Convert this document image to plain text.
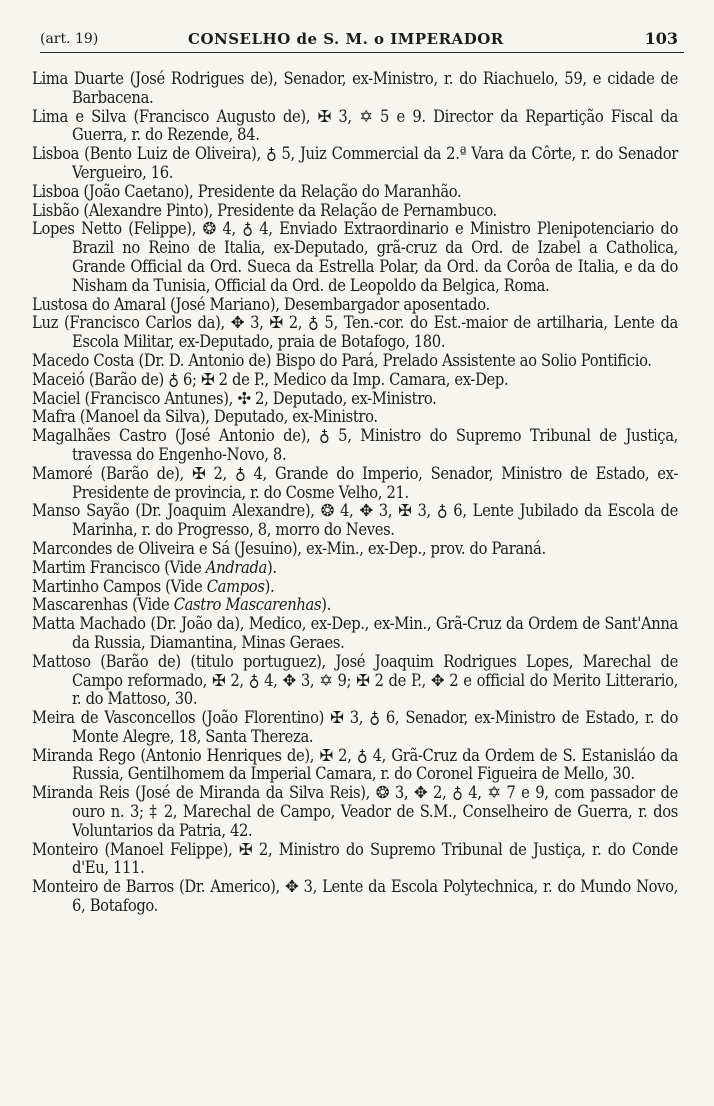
(art. 19)	CONSELHO de S. M. o IMPERADOR	103

Lima Duarte (José Rodrigues de), Senador, ex-Ministro, r. do Riachuelo, 59, e cidade de Barbacena.

Lima e Silva (Francisco Augusto de), ✠ 3, ✡ 5 e 9. Director da Repartição Fiscal da Guerra, r. do Rezende, 84.

Lisboa (Bento Luiz de Oliveira), ♁ 5, Juiz Commercial da 2.ª Vara da Côrte, r. do Senador Vergueiro, 16.

Lisboa (João Caetano), Presidente da Relação do Maranhão.

Lisbão (Alexandre Pinto), Presidente da Relação de Pernambuco.

Lopes Netto (Felippe), ❂ 4, ♁ 4, Enviado Extraordinario e Ministro Plenipotenciario do Brazil no Reino de Italia, ex-Deputado, grã-cruz da Ord. de Izabel a Catholica, Grande Official da Ord. Sueca da Estrella Polar, da Ord. da Corôa de Italia, e da do Nisham da Tunisia, Official da Ord. de Leopoldo da Belgica, Roma.

Lustosa do Amaral (José Mariano), Desembargador aposentado.

Luz (Francisco Carlos da), ✥ 3, ✠ 2, ♁ 5, Ten.-cor. do Est.-maior de artilharia, Lente da Escola Militar, ex-Deputado, praia de Botafogo, 180.

Macedo Costa (Dr. D. Antonio de) Bispo do Pará, Prelado Assistente ao Solio Pontificio.

Maceió (Barão de) ♁ 6; ✠ 2 de P., Medico da Imp. Camara, ex-Dep.

Maciel (Francisco Antunes), ✣ 2, Deputado, ex-Ministro.

Mafra (Manoel da Silva), Deputado, ex-Ministro.

Magalhães Castro (José Antonio de), ♁ 5, Ministro do Supremo Tribunal de Justiça, travessa do Engenho-Novo, 8.

Mamoré (Barão de), ✠ 2, ♁ 4, Grande do Imperio, Senador, Ministro de Estado, ex-Presidente de provincia, r. do Cosme Velho, 21.

Manso Sayão (Dr. Joaquim Alexandre), ❂ 4, ✥ 3, ✠ 3, ♁ 6, Lente Jubilado da Escola de Marinha, r. do Progresso, 8, morro do Neves.

Marcondes de Oliveira e Sá (Jesuino), ex-Min., ex-Dep., prov. do Paraná.

Martim Francisco (Vide Andrada).

Martinho Campos (Vide Campos).

Mascarenhas (Vide Castro Mascarenhas).

Matta Machado (Dr. João da), Medico, ex-Dep., ex-Min., Grã-Cruz da Ordem de Sant'Anna da Russia, Diamantina, Minas Geraes.

Mattoso (Barão de) (titulo portuguez), José Joaquim Rodrigues Lopes, Marechal de Campo reformado, ✠ 2, ♁ 4, ✥ 3, ✡ 9; ✠ 2 de P., ✥ 2 e official do Merito Litterario, r. do Mattoso, 30.

Meira de Vasconcellos (João Florentino) ✠ 3, ♁ 6, Senador, ex-Ministro de Estado, r. do Monte Alegre, 18, Santa Thereza.

Miranda Rego (Antonio Henriques de), ✠ 2, ♁ 4, Grã-Cruz da Ordem de S. Estanisláo da Russia, Gentilhomem da Imperial Camara, r. do Coronel Figueira de Mello, 30.

Miranda Reis (José de Miranda da Silva Reis), ❂ 3, ✥ 2, ♁ 4, ✡ 7 e 9, com passador de ouro n. 3; ‡ 2, Marechal de Campo, Veador de S.M., Conselheiro de Guerra, r. dos Voluntarios da Patria, 42.

Monteiro (Manoel Felippe), ✠ 2, Ministro do Supremo Tribunal de Justiça, r. do Conde d'Eu, 111.

Monteiro de Barros (Dr. Americo), ✥ 3, Lente da Escola Polytechnica, r. do Mundo Novo, 6, Botafogo.
